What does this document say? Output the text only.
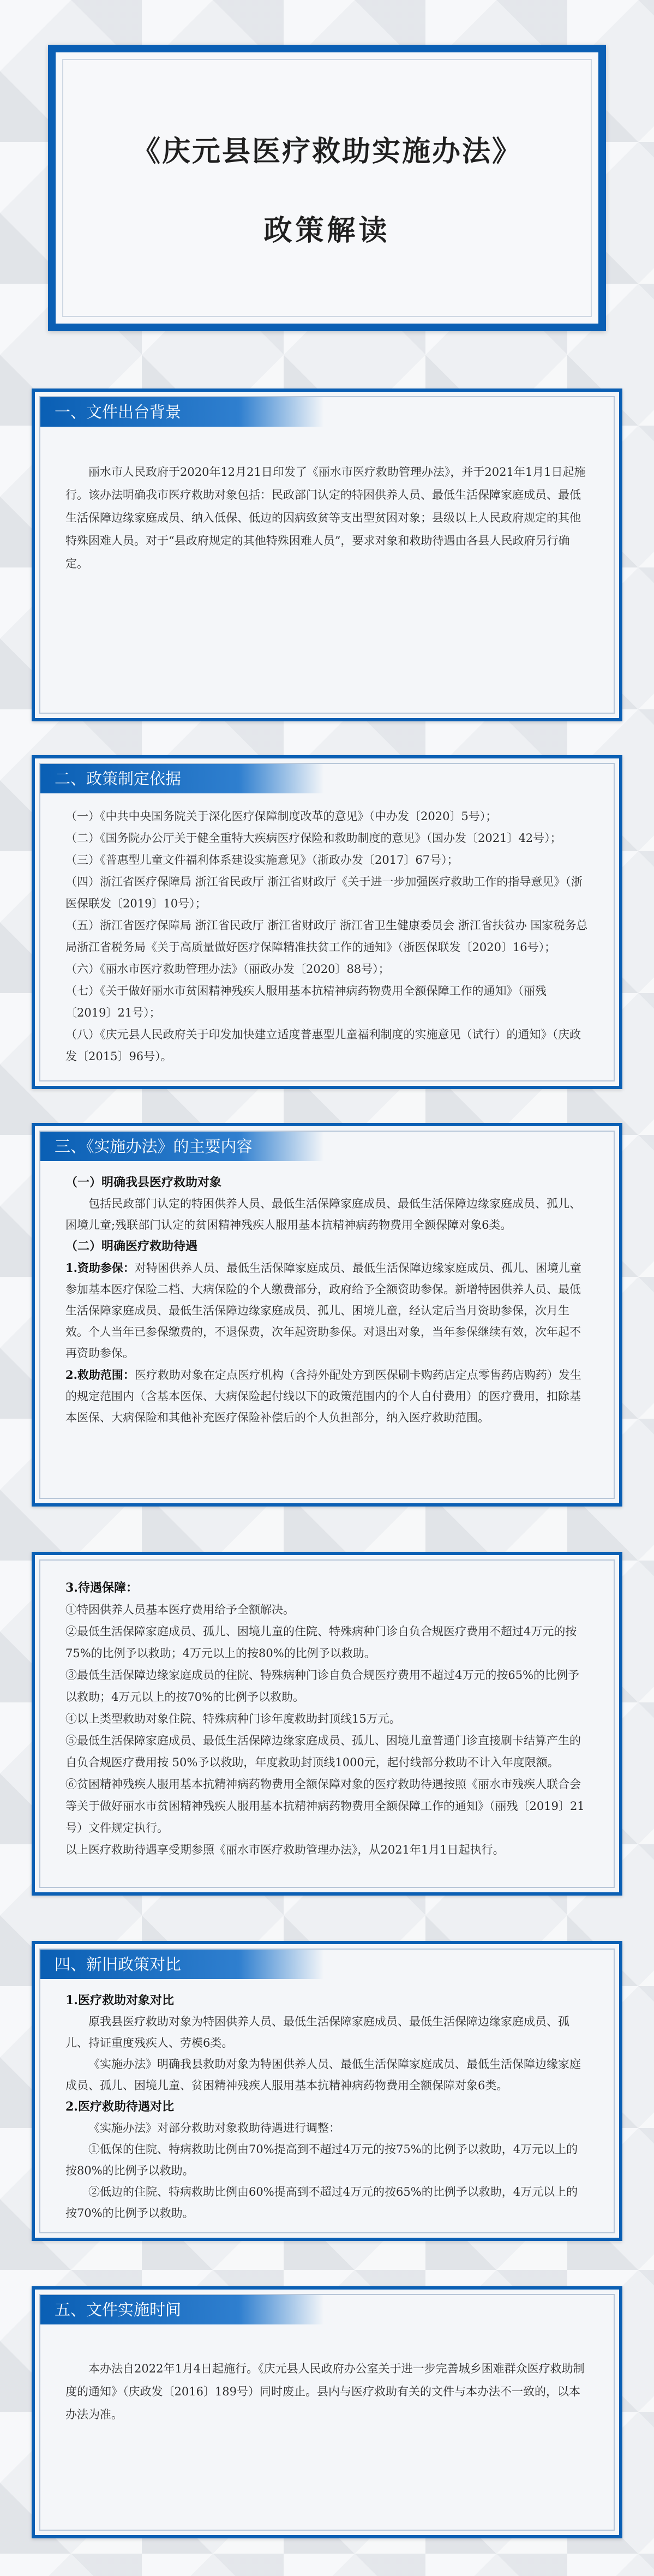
《庆元县医疗救助实施办法》
政策解读
一、文件出台背景
丽水市人民政府于2020年12月21日印发了《丽水市医疗救助管理办法》，并于2021年1月1日起施行。该办法明确我市医疗救助对象包括：民政部门认定的特困供养人员、最低生活保障家庭成员、最低生活保障边缘家庭成员、纳入低保、低边的因病致贫等支出型贫困对象；县级以上人民政府规定的其他特殊困难人员。对于“县政府规定的其他特殊困难人员”，要求对象和救助待遇由各县人民政府另行确定。
二、政策制定依据
（一）《中共中央国务院关于深化医疗保障制度改革的意见》（中办发〔2020〕5号）；
（二）《国务院办公厅关于健全重特大疾病医疗保险和救助制度的意见》（国办发〔2021〕42号）；
（三）《普惠型儿童文件福利体系建设实施意见》（浙政办发〔2017〕67号）；
（四）浙江省医疗保障局 浙江省民政厅 浙江省财政厅《关于进一步加强医疗救助工作的指导意见》（浙医保联发〔2019〕10号）；
（五）浙江省医疗保障局 浙江省民政厅 浙江省财政厅 浙江省卫生健康委员会 浙江省扶贫办 国家税务总局浙江省税务局《关于高质量做好医疗保障精准扶贫工作的通知》（浙医保联发〔2020〕16号）；
（六）《丽水市医疗救助管理办法》（丽政办发〔2020〕88号）；
（七）《关于做好丽水市贫困精神残疾人服用基本抗精神病药物费用全额保障工作的通知》（丽残〔2019〕21号）；
（八）《庆元县人民政府关于印发加快建立适度普惠型儿童福利制度的实施意见（试行）的通知》（庆政发〔2015〕96号）。
三、《实施办法》的主要内容
（一）明确我县医疗救助对象
包括民政部门认定的特困供养人员、最低生活保障家庭成员、最低生活保障边缘家庭成员、孤儿、困境儿童;残联部门认定的贫困精神残疾人服用基本抗精神病药物费用全额保障对象6类。
（二）明确医疗救助待遇
1.资助参保：对特困供养人员、最低生活保障家庭成员、最低生活保障边缘家庭成员、孤儿、困境儿童参加基本医疗保险二档、大病保险的个人缴费部分，政府给予全额资助参保。新增特困供养人员、最低生活保障家庭成员、最低生活保障边缘家庭成员、孤儿、困境儿童，经认定后当月资助参保，次月生效。个人当年已参保缴费的，不退保费，次年起资助参保。对退出对象，当年参保继续有效，次年起不再资助参保。
2.救助范围：医疗救助对象在定点医疗机构（含持外配处方到医保刷卡购药店定点零售药店购药）发生的规定范围内（含基本医保、大病保险起付线以下的政策范围内的个人自付费用）的医疗费用，扣除基本医保、大病保险和其他补充医疗保险补偿后的个人负担部分，纳入医疗救助范围。
3.待遇保障：
①特困供养人员基本医疗费用给予全额解决。
②最低生活保障家庭成员、孤儿、困境儿童的住院、特殊病种门诊自负合规医疗费用不超过4万元的按75%的比例予以救助；4万元以上的按80%的比例予以救助。
③最低生活保障边缘家庭成员的住院、特殊病种门诊自负合规医疗费用不超过4万元的按65%的比例予以救助；4万元以上的按70%的比例予以救助。
④以上类型救助对象住院、特殊病种门诊年度救助封顶线15万元。
⑤最低生活保障家庭成员、最低生活保障边缘家庭成员、孤儿、困境儿童普通门诊直接刷卡结算产生的自负合规医疗费用按 50%予以救助，年度救助封顶线1000元，起付线部分救助不计入年度限额。
⑥贫困精神残疾人服用基本抗精神病药物费用全额保障对象的医疗救助待遇按照《丽水市残疾人联合会等关于做好丽水市贫困精神残疾人服用基本抗精神病药物费用全额保障工作的通知》（丽残〔2019〕21号）文件规定执行。
以上医疗救助待遇享受期参照《丽水市医疗救助管理办法》，从2021年1月1日起执行。
四、新旧政策对比
1.医疗救助对象对比
原我县医疗救助对象为特困供养人员、最低生活保障家庭成员、最低生活保障边缘家庭成员、孤儿、持证重度残疾人、劳模6类。
《实施办法》明确我县救助对象为特困供养人员、最低生活保障家庭成员、最低生活保障边缘家庭成员、孤儿、困境儿童、贫困精神残疾人服用基本抗精神病药物费用全额保障对象6类。
2.医疗救助待遇对比
《实施办法》对部分救助对象救助待遇进行调整：
①低保的住院、特病救助比例由70%提高到不超过4万元的按75%的比例予以救助，4万元以上的按80%的比例予以救助。
②低边的住院、特病救助比例由60%提高到不超过4万元的按65%的比例予以救助，4万元以上的按70%的比例予以救助。
五、文件实施时间
本办法自2022年1月4日起施行。《庆元县人民政府办公室关于进一步完善城乡困难群众医疗救助制度的通知》（庆政发〔2016〕189号）同时废止。县内与医疗救助有关的文件与本办法不一致的，以本办法为准。
